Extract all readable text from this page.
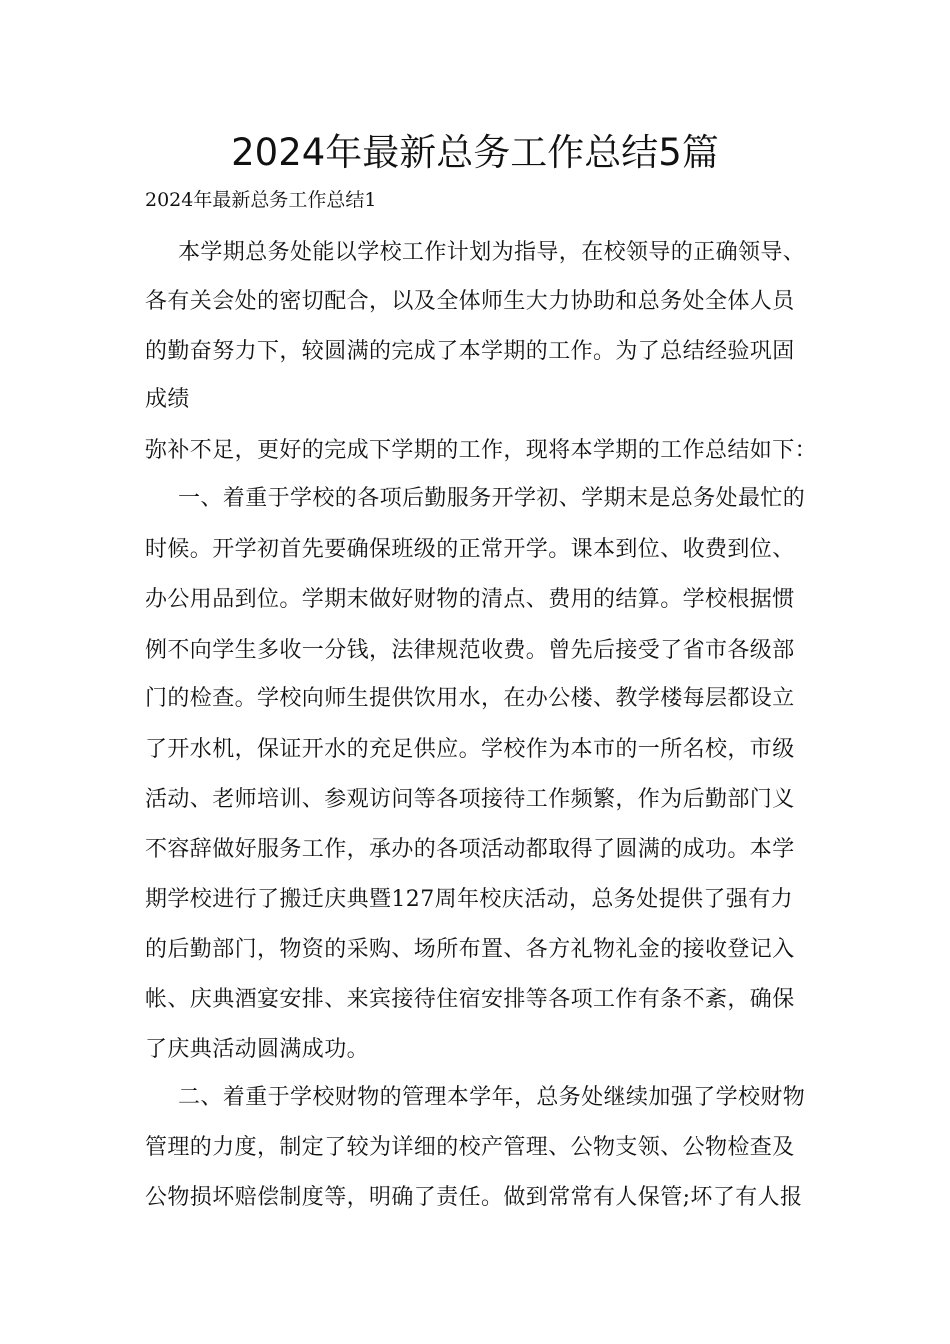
2024年最新总务工作总结5篇
2024年最新总务工作总结1
本学期总务处能以学校工作计划为指导，在校领导的正确领导、
各有关会处的密切配合，以及全体师生大力协助和总务处全体人员
的勤奋努力下，较圆满的完成了本学期的工作。为了总结经验巩固
成绩
弥补不足，更好的完成下学期的工作，现将本学期的工作总结如下：
一、着重于学校的各项后勤服务开学初、学期末是总务处最忙的
时候。开学初首先要确保班级的正常开学。课本到位、收费到位、
办公用品到位。学期末做好财物的清点、费用的结算。学校根据惯
例不向学生多收一分钱，法律规范收费。曾先后接受了省市各级部
门的检查。学校向师生提供饮用水，在办公楼、教学楼每层都设立
了开水机，保证开水的充足供应。学校作为本市的一所名校，市级
活动、老师培训、参观访问等各项接待工作频繁，作为后勤部门义
不容辞做好服务工作，承办的各项活动都取得了圆满的成功。本学
期学校进行了搬迁庆典暨127周年校庆活动，总务处提供了强有力
的后勤部门，物资的采购、场所布置、各方礼物礼金的接收登记入
帐、庆典酒宴安排、来宾接待住宿安排等各项工作有条不紊，确保
了庆典活动圆满成功。
二、着重于学校财物的管理本学年，总务处继续加强了学校财物
管理的力度，制定了较为详细的校产管理、公物支领、公物检查及
公物损坏赔偿制度等，明确了责任。做到常常有人保管;坏了有人报
